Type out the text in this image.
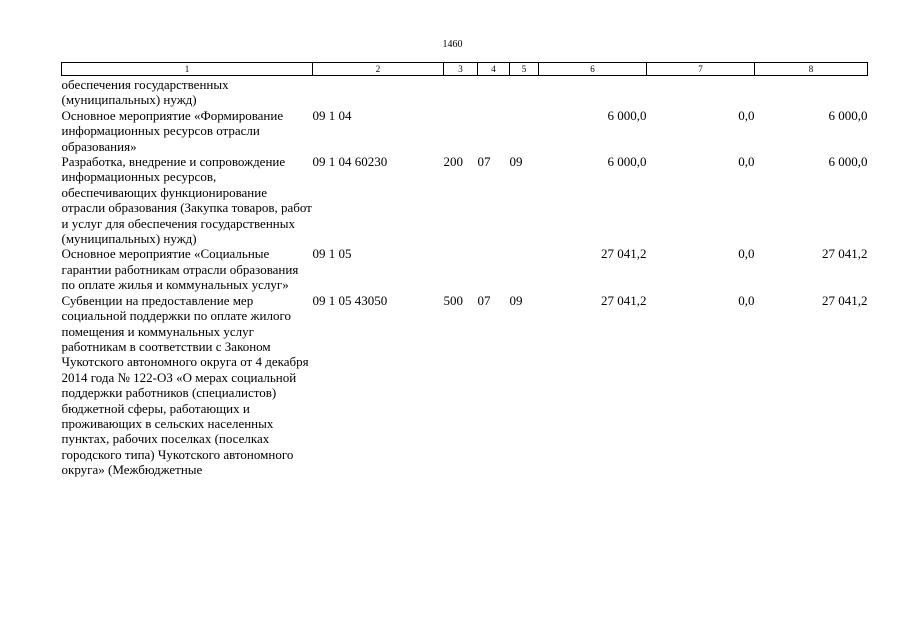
1460
1	2	3	4	5	6	7	8
обеспечения государственных (муниципальных) нужд)							
Основное мероприятие «Формирование информационных ресурсов отрасли образования»	09 1 04				6 000,0	0,0	6 000,0
Разработка, внедрение и сопровождение информационных ресурсов, обеспечивающих функционирование отрасли образования (Закупка товаров, работ и услуг для обеспечения государственных (муниципальных) нужд)	09 1 04 60230	200	07	09	6 000,0	0,0	6 000,0
Основное мероприятие «Социальные гарантии работникам отрасли образования по оплате жилья и коммунальных услуг»	09 1 05				27 041,2	0,0	27 041,2
Субвенции на предоставление мер социальной поддержки по оплате жилого помещения и коммунальных услуг работникам в соответствии с Законом Чукотского автономного округа от 4 декабря 2014 года № 122-ОЗ «О мерах социальной поддержки работников (специалистов) бюджетной сферы, работающих и проживающих в сельских населенных пунктах, рабочих поселках (поселках городского типа) Чукотского автономного округа» (Межбюджетные	09 1 05 43050	500	07	09	27 041,2	0,0	27 041,2
